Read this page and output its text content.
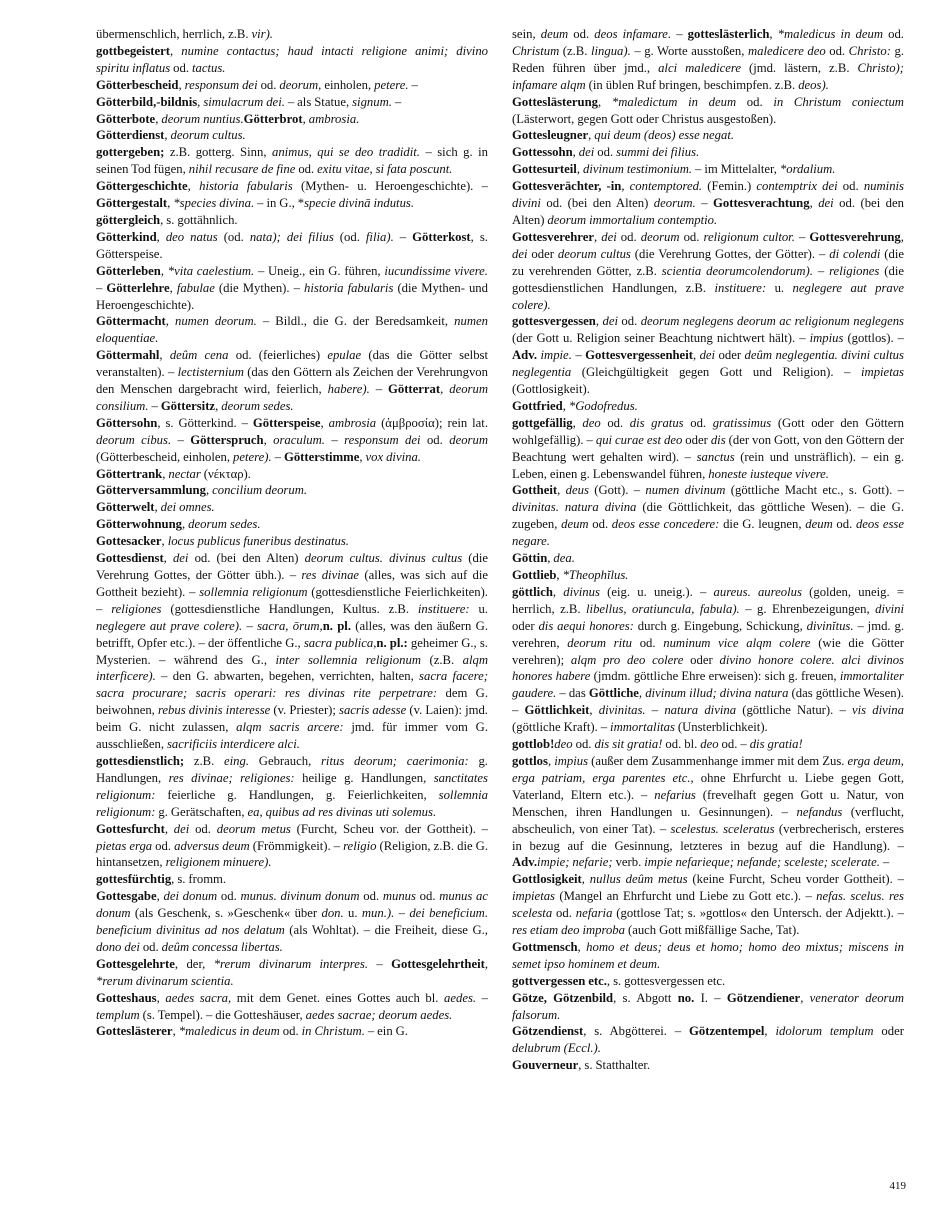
übermenschlich, herrlich, z.B. vir).

gottbegeistert, numine contactus; haud intacti religione animi; divino spiritu inflatus od. tactus.

Götterbescheid, responsum dei od. deorum, einholen, petere. –

Götterbild,-bildnis, simulacrum dei. – als Statue, signum. –

Götterbote, deorum nuntius.Götterbrot, ambrosia.

Götterdienst, deorum cultus.

gottergeben; z.B. gotterg. Sinn, animus, qui se deo tradidit. – sich g. in seinen Tod fügen, nihil recusare de fine od. exitu vitae, si fata poscunt.

Göttergeschichte, historia fabularis (Mythen- u. Heroengeschichte). – Göttergestalt, *species divina. – in G., *specie divinā indutus.

göttergleich, s. gottähnlich.

Götterkind, deo natus (od. nata); dei filius (od. filia). – Götterkost, s. Götterspeise.

Götterleben, *vita caelestium. – Uneig., ein G. führen, iucundissime vivere. – Götterlehre, fabulae (die Mythen). – historia fabularis (die Mythen- und Heroengeschichte).

Göttermacht, numen deorum. – Bildl., die G. der Beredsamkeit, numen eloquentiae.

Göttermahl, deûm cena od. (feierliches) epulae (das die Götter selbst veranstalten). – lectisternium (das den Göttern als Zeichen der Verehrungvon den Menschen dargebracht wird, feierlich, habere). – Götterrat, deorum consilium. – Göttersitz, deorum sedes.

Göttersohn, s. Götterkind. – Götterspeise, ambrosia (ἀμβροσία); rein lat. deorum cibus. – Götterspruch, oraculum. – responsum dei od. deorum (Götterbescheid, einholen, petere). – Götterstimme, vox divina.

Göttertrank, nectar (νέκταρ).

Götterversammlung, concilium deorum.

Götterwelt, dei omnes.

Götterwohnung, deorum sedes.

Gottesacker, locus publicus funeribus destinatus.

Gottesdienst, dei od. (bei den Alten) deorum cultus. divinus cultus (die Verehrung Gottes, der Götter übh.). – res divinae (alles, was sich auf die Gottheit bezieht). – sollemnia religionum (gottesdienstliche Feierlichkeiten). – religiones (gottesdienstliche Handlungen, Kultus. z.B. instituere: u. neglegere aut prave colere). – sacra, ōrum,n. pl. (alles, was den äußern G. betrifft, Opfer etc.). – der öffentliche G., sacra publica,n. pl.: geheimer G., s. Mysterien. – während des G., inter sollemnia religionum (z.B. alqm interficere). – den G. abwarten, begehen, verrichten, halten, sacra facere; sacra procurare; sacris operari: res divinas rite perpetrare: dem G. beiwohnen, rebus divinis interesse (v. Priester); sacris adesse (v. Laien): jmd. beim G. nicht zulassen, alqm sacris arcere: jmd. für immer vom G. ausschließen, sacrificiis interdicere alci.

gottesdienstlich; z.B. eing. Gebrauch, ritus deorum; caerimonia: g. Handlungen, res divinae; religiones: heilige g. Handlungen, sanctitates religionum: feierliche g. Handlungen, g. Feierlichkeiten, sollemnia religionum: g. Gerätschaften, ea, quibus ad res divinas uti solemus.

Gottesfurcht, dei od. deorum metus (Furcht, Scheu vor. der Gottheit). – pietas erga od. adversus deum (Frömmigkeit). – religio (Religion, z.B. die G. hintansetzen, religionem minuere).

gottesfürchtig, s. fromm.

Gottesgabe, dei donum od. munus. divinum donum od. munus od. munus ac donum (als Geschenk, s. »Geschenk« über don. u. mun.). – dei beneficium. beneficium divinitus ad nos delatum (als Wohltat). – die Freiheit, diese G., dono dei od. deûm concessa libertas.

Gottesgelehrte, der, *rerum divinarum interpres. – Gottesgelehrtheit, *rerum divinarum scientia.

Gotteshaus, aedes sacra, mit dem Genet. eines Gottes auch bl. aedes. – templum (s. Tempel). – die Gotteshäuser, aedes sacrae; deorum aedes.

Gotteslästerer, *maledicus in deum od. in Christum. – ein G.

sein, deum od. deos infamare. – gotteslästerlich, *maledicus in deum od. Christum (z.B. lingua). – g. Worte ausstoßen, maledicere deo od. Christo: g. Reden führen über jmd., alci maledicere (jmd. lästern, z.B. Christo); infamare alqm (in üblen Ruf bringen, beschimpfen. z.B. deos).

Gotteslästerung, *maledictum in deum od. in Christum coniectum (Lästerwort, gegen Gott oder Christus ausgestoßen).

Gottesleugner, qui deum (deos) esse negat.

Gottessohn, dei od. summi dei filius.

Gottesurteil, divinum testimonium. – im Mittelalter, *ordalium.

Gottesverächter, -in, contemptored. (Femin.) contemptrix dei od. numinis divini od. (bei den Alten) deorum. – Gottesverachtung, dei od. (bei den Alten) deorum immortalium contemptio.

Gottesverehrer, dei od. deorum od. religionum cultor. – Gottesverehrung, dei oder deorum cultus (die Verehrung Gottes, der Götter). – di colendi (die zu verehrenden Götter, z.B. scientia deorumcolendorum). – religiones (die gottesdienstlichen Handlungen, z.B. instituere: u. neglegere aut prave colere).

gottesvergessen, dei od. deorum neglegens deorum ac religionum neglegens (der Gott u. Religion seiner Beachtung nichtwert hält). – impius (gottlos). – Adv. impie. – Gottesvergessenheit, dei oder deûm neglegentia. divini cultus neglegentia (Gleichgültigkeit gegen Gott und Religion). – impietas (Gottlosigkeit).

Gottfried, *Godofredus.

gottgefällig, deo od. dis gratus od. gratissimus (Gott oder den Göttern wohlgefällig). – qui curae est deo oder dis (der von Gott, von den Göttern der Beachtung wert gehalten wird). – sanctus (rein und unsträflich). – ein g. Leben, einen g. Lebenswandel führen, honeste iusteque vivere.

Gottheit, deus (Gott). – numen divinum (göttliche Macht etc., s. Gott). – divinitas. natura divina (die Göttlichkeit, das göttliche Wesen). – die G. zugeben, deum od. deos esse concedere: die G. leugnen, deum od. deos esse negare.

Göttin, dea.

Gottlieb, *Theophĭlus.

göttlich, divinus (eig. u. uneig.). – aureus. aureolus (golden, uneig. = herrlich, z.B. libellus, oratiuncula, fabula). – g. Ehrenbezeigungen, divini oder dis aequi honores: durch g. Eingebung, Schickung, divinĭtus. – jmd. g. verehren, deorum ritu od. numinum vice alqm colere (wie die Götter verehren); alqm pro deo colere oder divino honore colere. alci divinos honores habere (jmdm. göttliche Ehre erweisen): sich g. freuen, immortaliter gaudere. – das Göttliche, divinum illud; divina natura (das göttliche Wesen). – Göttlichkeit, divinitas. – natura divina (göttliche Natur). – vis divina (göttliche Kraft). – immortalitas (Unsterblichkeit).

gottlob!deo od. dis sit gratia! od. bl. deo od. – dis gratia!

gottlos, impius (außer dem Zusammenhange immer mit dem Zus. erga deum, erga patriam, erga parentes etc., ohne Ehrfurcht u. Liebe gegen Gott, Vaterland, Eltern etc.). – nefarius (frevelhaft gegen Gott u. Natur, von Menschen, ihren Handlungen u. Gesinnungen). – nefandus (verflucht, abscheulich, von einer Tat). – scelestus. sceleratus (verbrecherisch, ersteres in bezug auf die Gesinnung, letzteres in bezug auf die Handlung). – Adv.impie; nefarie; verb. impie nefarieque; nefande; sceleste; scelerate. –

Gottlosigkeit, nullus deûm metus (keine Furcht, Scheu vorder Gottheit). – impietas (Mangel an Ehrfurcht und Liebe zu Gott etc.). – nefas. scelus. res scelesta od. nefaria (gottlose Tat; s. »gottlos« den Untersch. der Adjektt.). – res etiam deo improba (auch Gott mißfällige Sache, Tat).

Gottmensch, homo et deus; deus et homo; homo deo mixtus; miscens in semet ipso hominem et deum.

gottvergessen etc., s. gottesvergessen etc.

Götze, Götzenbild, s. Abgott no. I. – Götzendiener, venerator deorum falsorum.

Götzendienst, s. Abgötterei. – Götzentempel, idolorum templum oder delubrum (Eccl.).

Gouverneur, s. Statthalter.

419
